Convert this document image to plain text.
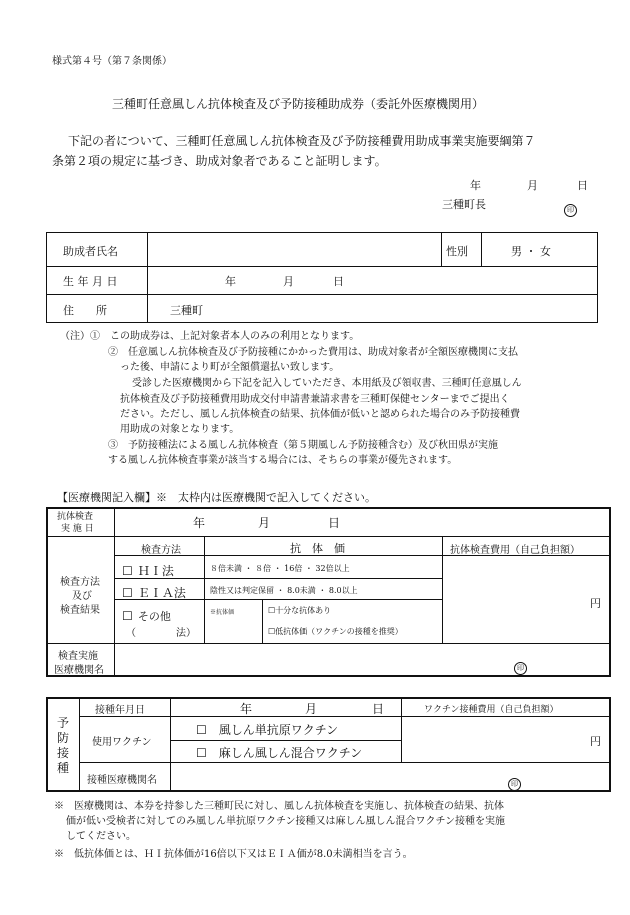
様式第４号（第７条関係）
三種町任意風しん抗体検査及び予防接種助成券（委託外医療機関用）
下記の者について、三種町任意風しん抗体検査及び予防接種費用助成事業実施要綱第７
条第２項の規定に基づき、助成対象者であること証明します。
年	月	日
三種町長	印
助成者氏名	性別	男 ・ 女
生 年 月 日	年	月	日
住　　所	三種町
（注）①　この助成券は、上記対象者本人のみの利用となります。
②　任意風しん抗体検査及び予防接種にかかった費用は、助成対象者が全額医療機関に支払
った後、申請により町が全額償還払い致します。
受診した医療機関から下記を記入していただき、本用紙及び領収書、三種町任意風しん
抗体検査及び予防接種費用助成交付申請書兼請求書を三種町保健センターまでご提出く
ださい。ただし、風しん抗体検査の結果、抗体価が低いと認められた場合のみ予防接種費
用助成の対象となります。
③　予防接種法による風しん抗体検査（第５期風しん予防接種含む）及び秋田県が実施
する風しん抗体検査事業が該当する場合には、そちらの事業が優先されます。
【医療機関記入欄】※　太枠内は医療機関で記入してください。
抗体検査
実 施 日	年	月	日
検査方法	抗　体　価	抗体検査費用（自己負担額）
検査方法
及び
検査結果
☐ ＨＩ法	８倍未満 ・ ８倍 ・ 16倍 ・ 32倍以上
☐ ＥＩＡ法	陰性又は判定保留 ・ 8.0未満 ・ 8.0以上
☐ その他
（　　　　法）
※抗体価	☐十分な抗体あり
☐低抗体価（ワクチンの接種を推奨）
円
検査実施
医療機関名	印
予
防
接
種
接種年月日	年	月	日	ワクチン接種費用（自己負担額）
使用ワクチン
☐　 風しん単抗原ワクチン
☐　 麻しん風しん混合ワクチン
円
接種医療機関名	印
※　医療機関は、本券を持参した三種町民に対し、風しん抗体検査を実施し、抗体検査の結果、抗体
価が低い受検者に対してのみ風しん単抗原ワクチン接種又は麻しん風しん混合ワクチン接種を実施
してください。
※　低抗体価とは、ＨＩ抗体価が16倍以下又はＥＩＡ価が8.0未満相当を言う。
